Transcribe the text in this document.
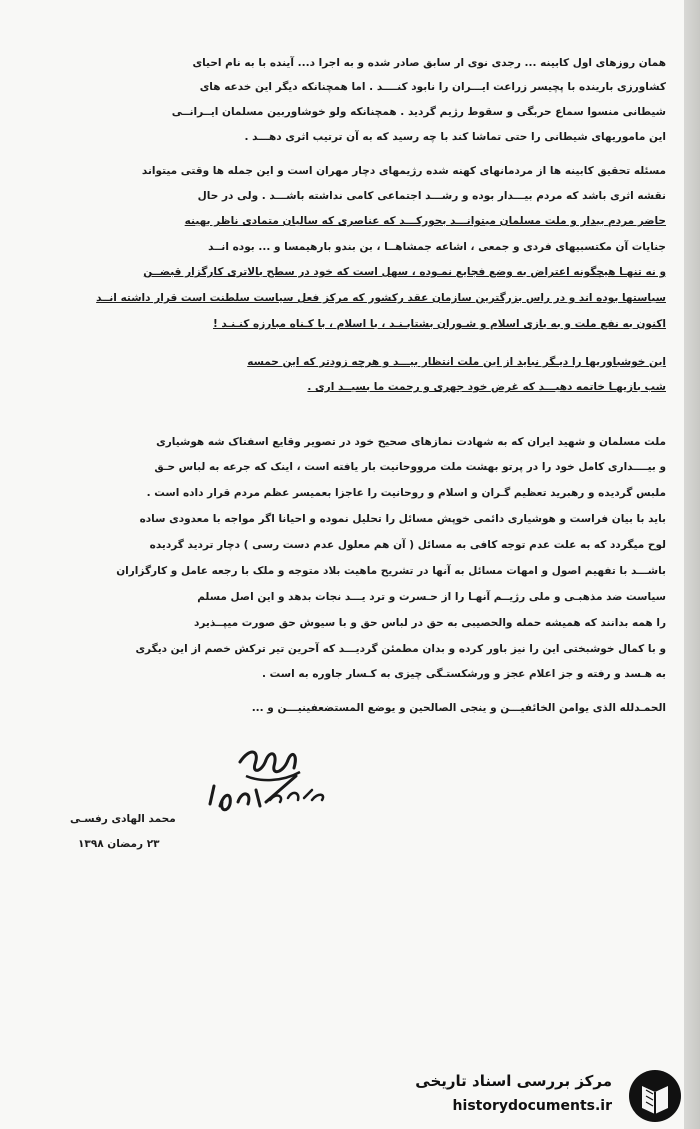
همان روزهای اول کابینه ... رجدی نوی ار سابق صادر شده و به اجرا د... آینده با به نام احیای
کشاورزی بارینده با پچیسر زراعت ایـــران را نابود کنــــد . اما همچنانکه دیگر این خدعه های
شیطانی منسوا سماع حربگی و سقوط رژیم گردید . همچنانکه ولو خوشاوربین مسلمان ایــرانــی
این ماموریهای شیطانی را حتی تماشا کند با چه رسید که به آن ترتیب اثری دهـــد .
مسئله تحقیق کابینه ها از مردمانهای کهنه شده رژیمهای دچار مهران است و این جمله ها وقتی میتواند
نقشه اثری باشد که مردم بیـــدار بوده و رشـــد اجتماعی کامی نداشته باشـــد . ولی در حال
حاضر مردم بیدار و ملت مسلمان میتوانـــد بحورکـــد که عناصری که سالیان متمادی ناظر بهینه
جنایات آن مکتسبیهای فردی و جمعی ، اشاعه جمشاهــا ، بن بندو بارهیمسا و ... بوده انــد
و نه تنهـا هیچگونه اعتراض به وضع فجایع نمـوده ، سهل است که خود در سطح بالاتری کارگزار قبضــن
سیاستها بوده اند و در راس بزرگترین سازمان عقد رکشور که مرکز فعل سیاست سلطنت است قرار داشته انــد
اکنون به نفع ملت و به بازی اسلام و شـوران بشتابـنـد ، با اسلام ، با کـناه مبارزه کنـنـد !
این خوشباوریها را دیـگر نباید از این ملت انتظار بیـــد و هرچه زودتر که این حمسه
شب بازیهـا خاتمه دهیـــد که غرض خود جهری و رحمت ما بسیــد اری .
ملت مسلمان و شهید ایران که به شهادت نمازهای صحیح خود در تصویر وقایع اسفناک شه هوشیاری
و بیــــداری کامل خود را در پرتو بهشت ملت مرووحانیت بار یافته است ، اینک که جرعه به لباس حـق
ملبس گردیده و رهبرید تعظیم گـران و اسلام و روحانیت را عاجزا بعمیسر عظم مردم قرار داده است .
باید با بیان فراست و هوشیاری دائمی خوپش مسائل را تحلیل نموده و احیانا اگر مواجه با معدودی ساده
لوح میگردد که به علت عدم توجه کافی به مسائل ( آن هم معلول عدم دست رسی ) دچار تردید گردیده
باشـــد با تفهیم اصول و امهات مسائل به آنها در تشریح ماهیت بلاد متوجه و ملک با رجعه عامل و کارگزاران
سیاست ضد مذهبـی و ملی رژیــم آنهـا را از حـسرت و ترد یـــد نجات بدهد و این اصل مسلم
را همه بدانند که همیشه حمله والحصیبی به حق در لباس حق و با سیوش حق صورت میپــذیرد
و با کمال خوشبختی این را نیز باور کرده و بدان مطمئن گردیـــد که آحرین تیر ترکش خصم از این دیگری
به هـسد و رفته و جز اعلام عجز و ورشکستـگی چیزی به کـسار جاوره به است .
الحمـدلله الذی یوامن الخائفیـــن و ینجی الصالحین و یوضع المستضعفینیـــن و ...
محمد الهادی رفسـی
۲۳ رمضان ۱۳۹۸
مرکز بررسی اسناد تاریخی
historydocuments.ir
